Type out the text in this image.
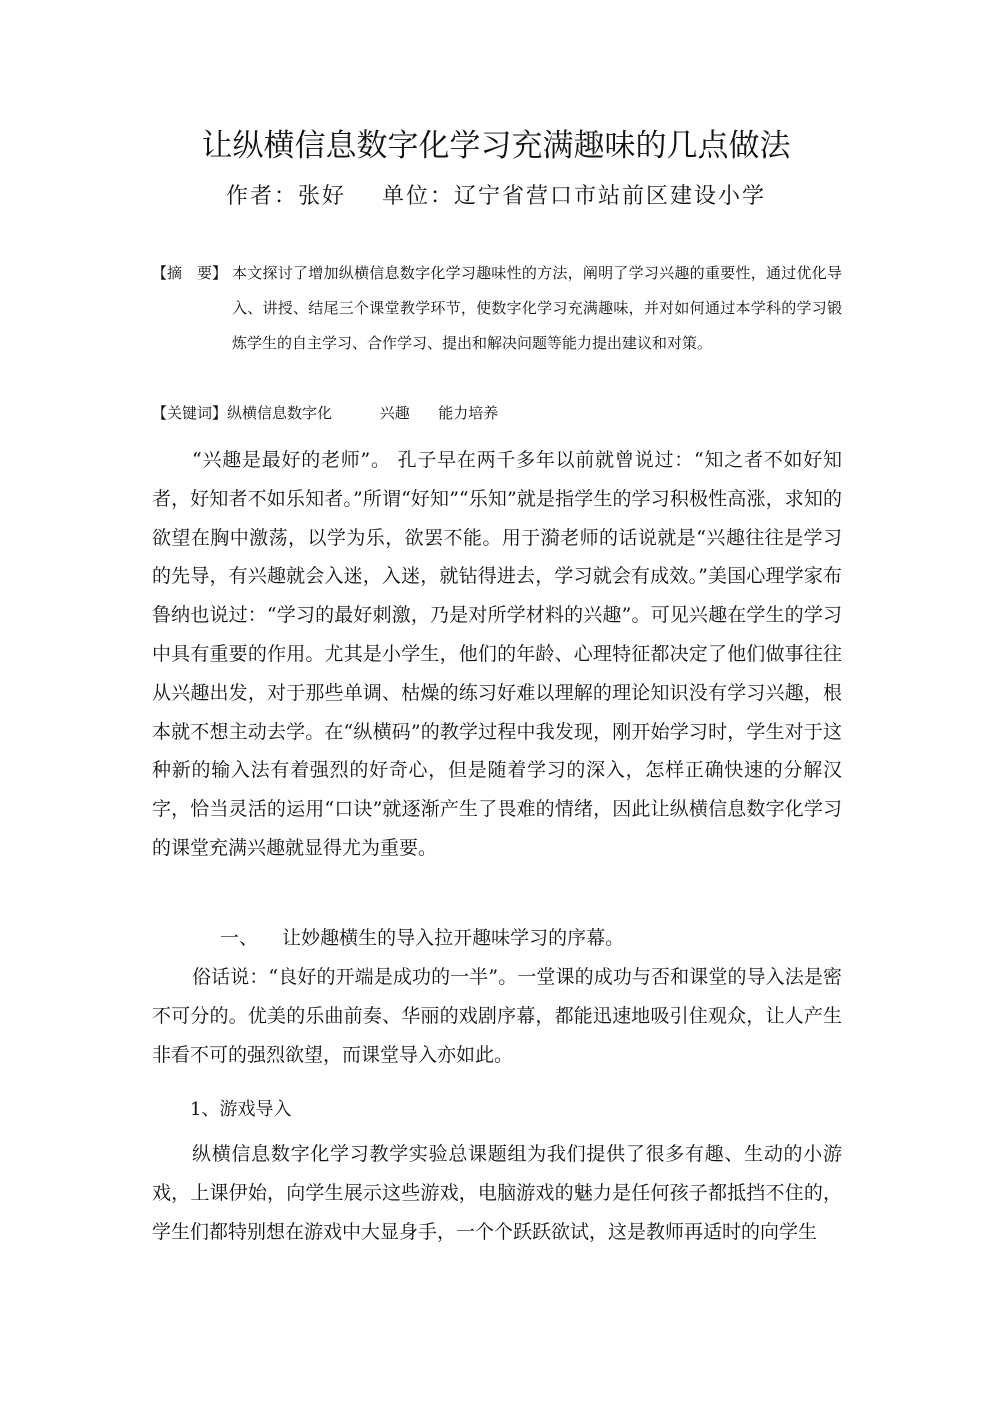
让纵横信息数字化学习充满趣味的几点做法
作者：张好    单位：辽宁省营口市站前区建设小学
【摘　要】 本文探讨了增加纵横信息数字化学习趣味性的方法，阐明了学习兴趣的重要性，通过优化导入、讲授、结尾三个课堂教学环节，使数字化学习充满趣味，并对如何通过本学科的学习锻炼学生的自主学习、合作学习、提出和解决问题等能力提出建议和对策。
【关键词】纵横信息数字化          兴趣      能力培养
“兴趣是最好的老师”。 孔子早在两千多年以前就曾说过：“知之者不如好知者，好知者不如乐知者。”所谓“好知”“乐知”就是指学生的学习积极性高涨，求知的欲望在胸中激荡，以学为乐，欲罢不能。用于漪老师的话说就是“兴趣往往是学习的先导，有兴趣就会入迷，入迷，就钻得进去，学习就会有成效。”美国心理学家布鲁纳也说过：“学习的最好刺激，乃是对所学材料的兴趣”。可见兴趣在学生的学习中具有重要的作用。尤其是小学生，他们的年龄、心理特征都决定了他们做事往往从兴趣出发，对于那些单调、枯燥的练习好难以理解的理论知识没有学习兴趣，根本就不想主动去学。在“纵横码”的教学过程中我发现，刚开始学习时，学生对于这种新的输入法有着强烈的好奇心，但是随着学习的深入，怎样正确快速的分解汉字，恰当灵活的运用“口诀”就逐渐产生了畏难的情绪，因此让纵横信息数字化学习的课堂充满兴趣就显得尤为重要。
一、    让妙趣横生的导入拉开趣味学习的序幕。
俗话说：“良好的开端是成功的一半”。一堂课的成功与否和课堂的导入法是密不可分的。优美的乐曲前奏、华丽的戏剧序幕，都能迅速地吸引住观众，让人产生非看不可的强烈欲望，而课堂导入亦如此。
1、游戏导入
纵横信息数字化学习教学实验总课题组为我们提供了很多有趣、生动的小游戏，上课伊始，向学生展示这些游戏，电脑游戏的魅力是任何孩子都抵挡不住的，学生们都特别想在游戏中大显身手，一个个跃跃欲试，这是教师再适时的向学生
